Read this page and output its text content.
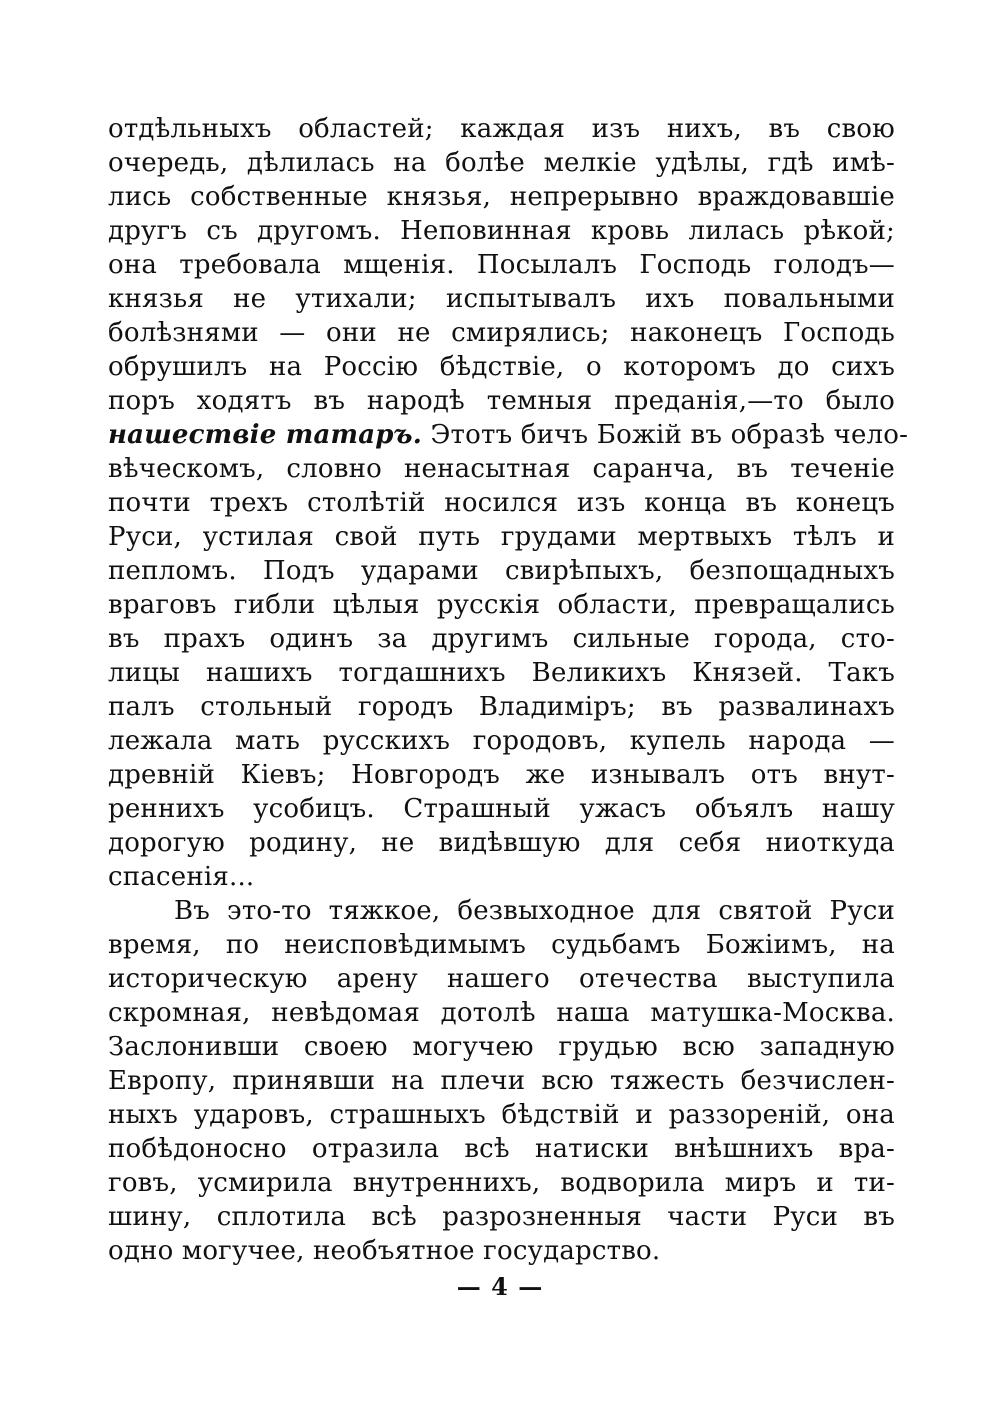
отдѣльныхъ областей; каждая изъ нихъ, въ свою
очередь, дѣлилась на болѣе мелкіе удѣлы, гдѣ имѣ-
лись собственные князья, непрерывно враждовавшіе
другъ съ другомъ. Неповинная кровь лилась рѣкой;
она требовала мщенія. Посылалъ Господь голодъ—
князья не утихали; испытывалъ ихъ повальными
болѣзнями — они не смирялись; наконецъ Господь
обрушилъ на Россію бѣдствіе, о которомъ до сихъ
поръ ходятъ въ народѣ темныя преданія,—то было
нашествіе татаръ. Этотъ бичъ Божій въ образѣ чело-
вѣческомъ, словно ненасытная саранча, въ теченіе
почти трехъ столѣтій носился изъ конца въ конецъ
Руси, устилая свой путь грудами мертвыхъ тѣлъ и
пепломъ. Подъ ударами свирѣпыхъ, безпощадныхъ
враговъ гибли цѣлыя русскія области, превращались
въ прахъ одинъ за другимъ сильные города, сто-
лицы нашихъ тогдашнихъ Великихъ Князей. Такъ
палъ стольный городъ Владиміръ; въ развалинахъ
лежала мать русскихъ городовъ, купель народа —
древній Кіевъ; Новгородъ же изнывалъ отъ внут-
реннихъ усобицъ. Страшный ужасъ объялъ нашу
дорогую родину, не видѣвшую для себя ниоткуда
спасенія...
Въ это-то тяжкое, безвыходное для святой Руси
время, по неисповѣдимымъ судьбамъ Божіимъ, на
историческую арену нашего отечества выступила
скромная, невѣдомая дотолѣ наша матушка-Москва.
Заслонивши своею могучею грудью всю западную
Европу, принявши на плечи всю тяжесть безчислен-
ныхъ ударовъ, страшныхъ бѣдствій и раззореній, она
побѣдоносно отразила всѣ натиски внѣшнихъ вра-
говъ, усмирила внутреннихъ, водворила миръ и ти-
шину, сплотила всѣ разрозненныя части Руси въ
одно могучее, необъятное государство.
— 4 —
